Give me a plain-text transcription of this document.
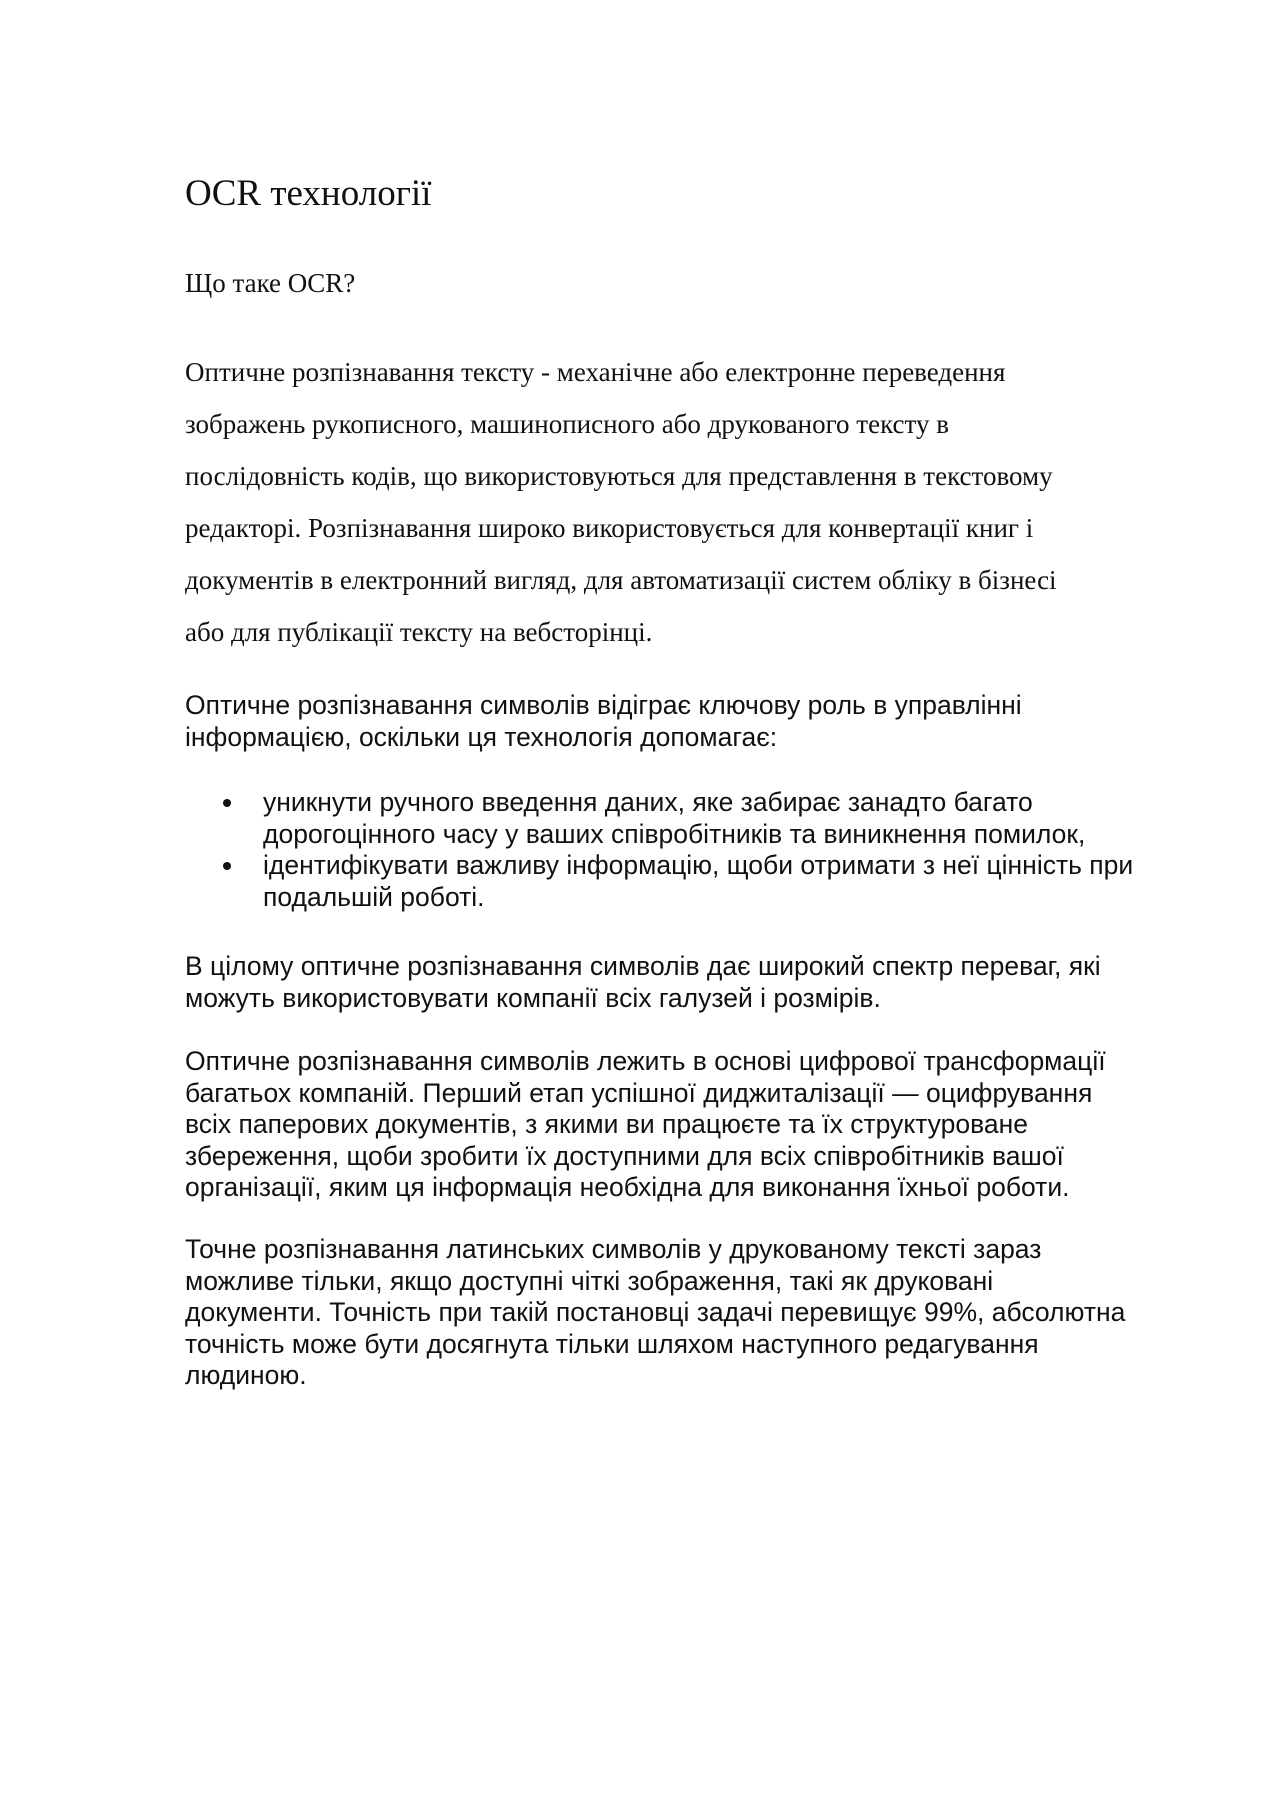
OCR технології
Що таке OCR?

Оптичне розпізнавання тексту - механічне або електронне переведення
зображень рукописного, машинописного або друкованого тексту в
послідовність кодів, що використовуються для представлення в текстовому
редакторі. Розпізнавання широко використовується для конвертації книг і
документів в електронний вигляд, для автоматизації систем обліку в бізнесі
або для публікації тексту на вебсторінці.

Оптичне розпізнавання символів відіграє ключову роль в управлінні
інформацією, оскільки ця технологія допомагає:

уникнути ручного введення даних, яке забирає занадто багато
дорогоцінного часу у ваших співробітників та виникнення помилок,
ідентифікувати важливу інформацію, щоби отримати з неї цінність при
подальшій роботі.

В цілому оптичне розпізнавання символів дає широкий спектр переваг, які
можуть використовувати компанії всіх галузей і розмірів.

Оптичне розпізнавання символів лежить в основі цифрової трансформації
багатьох компаній. Перший етап успішної диджиталізації — оцифрування
всіх паперових документів, з якими ви працюєте та їх структуроване
збереження, щоби зробити їх доступними для всіх співробітників вашої
організації, яким ця інформація необхідна для виконання їхньої роботи.

Точне розпізнавання латинських символів у друкованому тексті зараз
можливе тільки, якщо доступні чіткі зображення, такі як друковані
документи. Точність при такій постановці задачі перевищує 99%, абсолютна
точність може бути досягнута тільки шляхом наступного редагування
людиною.
